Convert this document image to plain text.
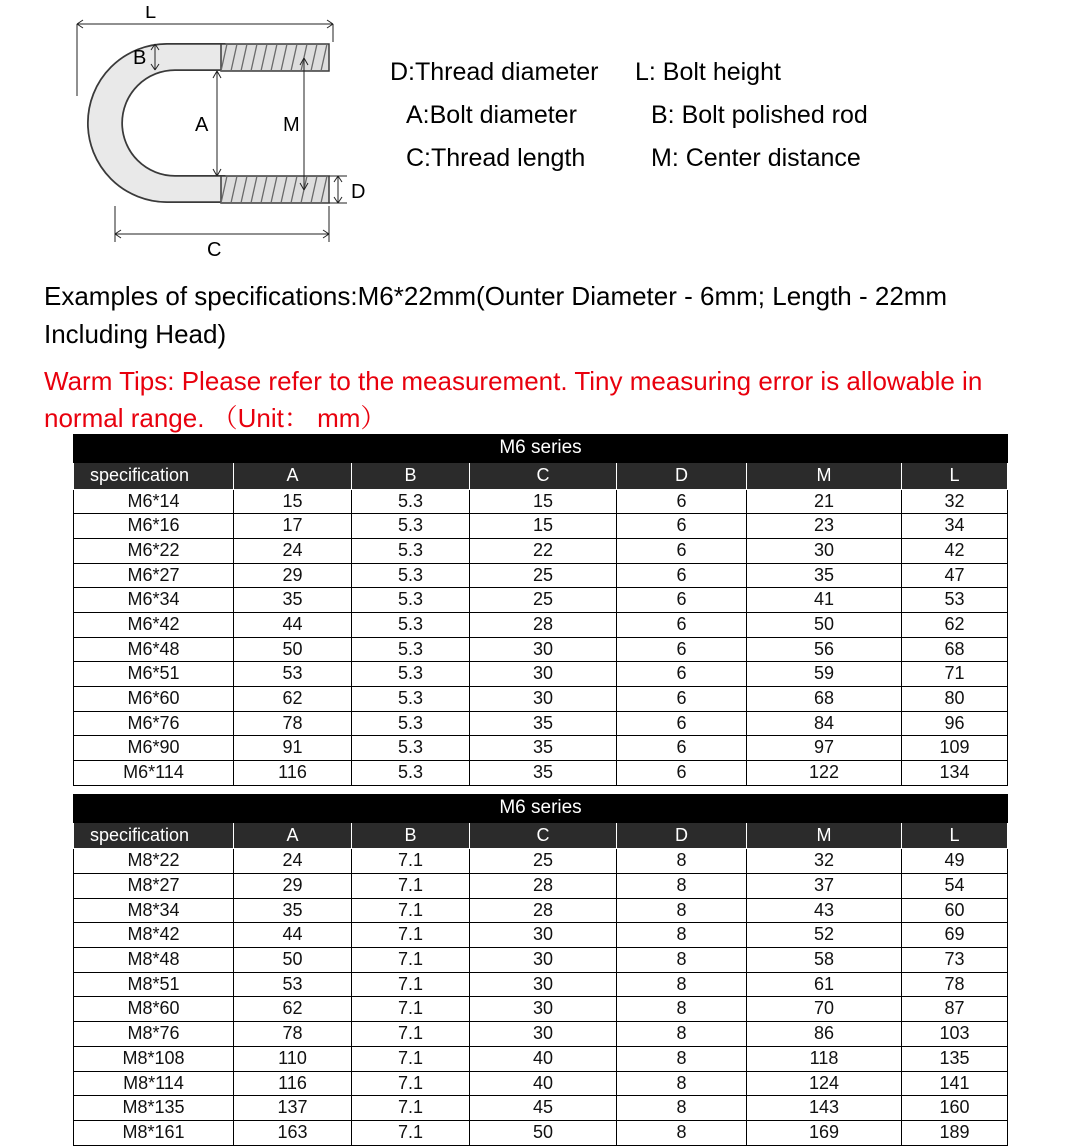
L
B
A	M
D
C
D:Thread diameter	L: Bolt height
A:Bolt diameter	B: Bolt polished rod
C:Thread length	M: Center distance
Examples of specifications:M6*22mm(Ounter Diameter - 6mm; Length - 22mm Including Head)
Warm Tips: Please refer to the measurement. Tiny measuring error is allowable in normal range. （Unit： mm）
M6 series						
specification	A	B	C	D	M	L
M6*14	15	5.3	15	6	21	32
M6*16	17	5.3	15	6	23	34
M6*22	24	5.3	22	6	30	42
M6*27	29	5.3	25	6	35	47
M6*34	35	5.3	25	6	41	53
M6*42	44	5.3	28	6	50	62
M6*48	50	5.3	30	6	56	68
M6*51	53	5.3	30	6	59	71
M6*60	62	5.3	30	6	68	80
M6*76	78	5.3	35	6	84	96
M6*90	91	5.3	35	6	97	109
M6*114	116	5.3	35	6	122	134
M6 series						
specification	A	B	C	D	M	L
M8*22	24	7.1	25	8	32	49
M8*27	29	7.1	28	8	37	54
M8*34	35	7.1	28	8	43	60
M8*42	44	7.1	30	8	52	69
M8*48	50	7.1	30	8	58	73
M8*51	53	7.1	30	8	61	78
M8*60	62	7.1	30	8	70	87
M8*76	78	7.1	30	8	86	103
M8*108	110	7.1	40	8	118	135
M8*114	116	7.1	40	8	124	141
M8*135	137	7.1	45	8	143	160
M8*161	163	7.1	50	8	169	189
